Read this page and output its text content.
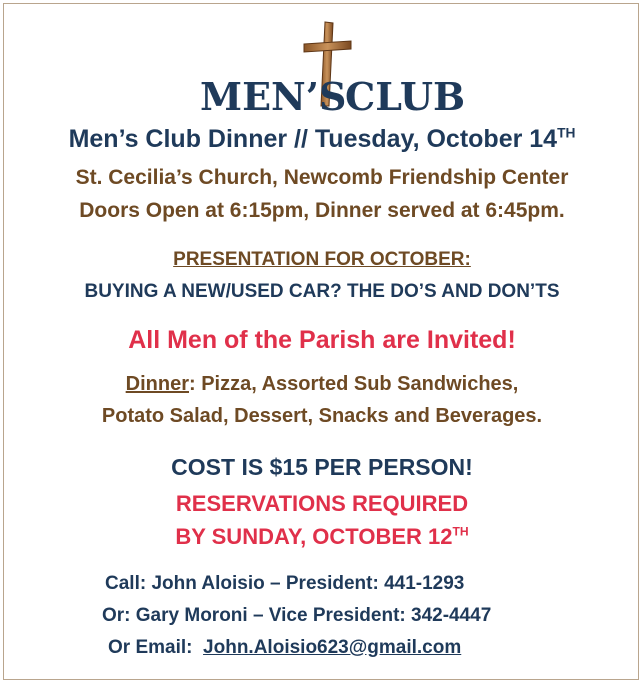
MEN’S
CLUB
Men’s Club Dinner // Tuesday, October 14TH
St. Cecilia’s Church, Newcomb Friendship Center
Doors Open at 6:15pm, Dinner served at 6:45pm.
PRESENTATION FOR OCTOBER:
BUYING A NEW/USED CAR? THE DO’S AND DON’TS
All Men of the Parish are Invited!
Dinner: Pizza, Assorted Sub Sandwiches,
Potato Salad, Dessert, Snacks and Beverages.
COST IS $15 PER PERSON!
RESERVATIONS REQUIRED
BY SUNDAY, OCTOBER 12TH
Call: John Aloisio – President: 441-1293
Or: Gary Moroni – Vice President: 342-4447
Or Email: John.Aloisio623@gmail.com
